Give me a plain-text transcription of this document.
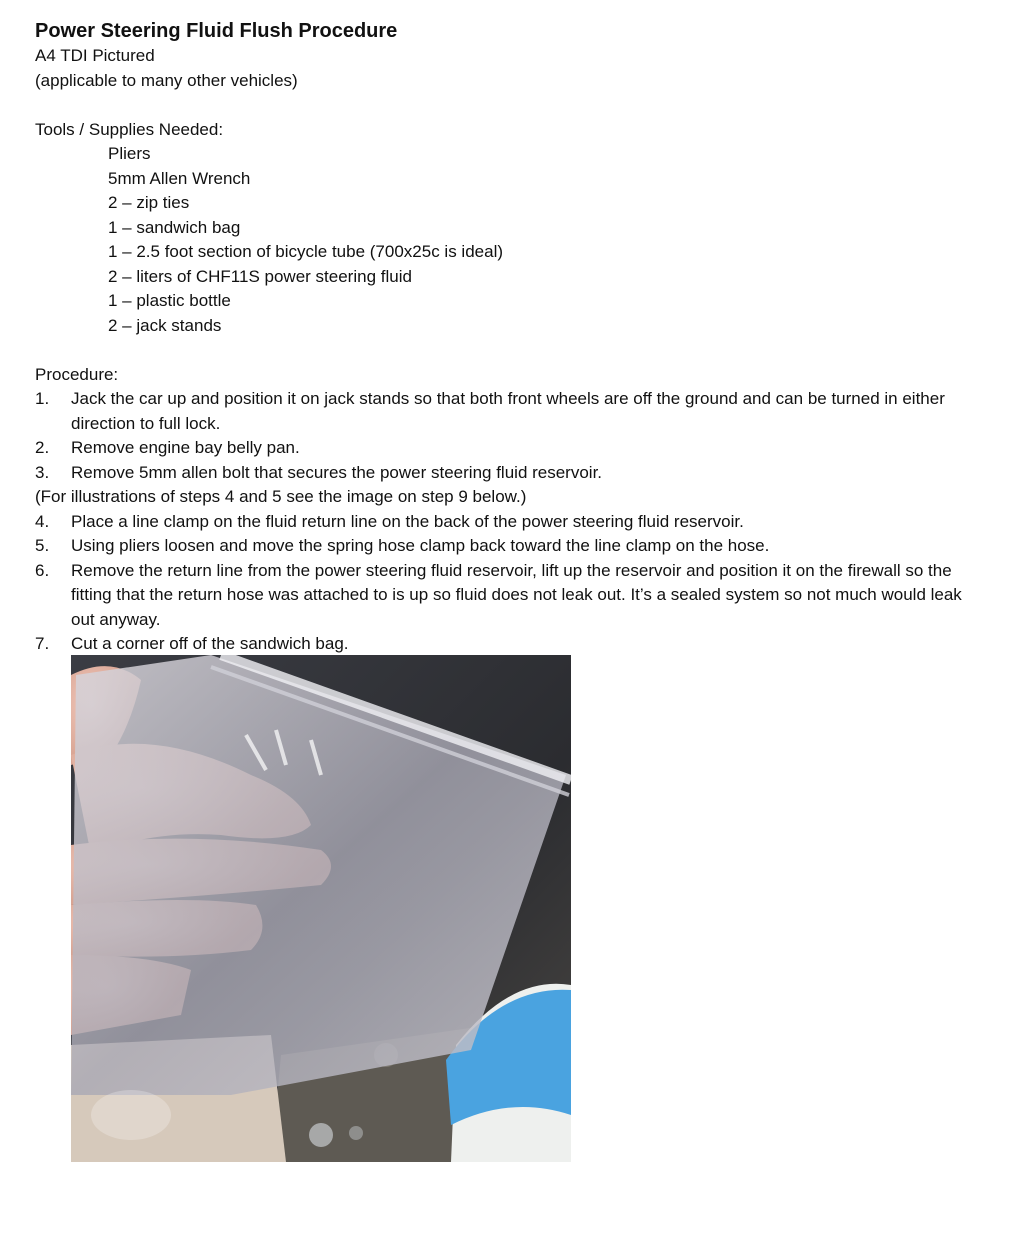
Power Steering Fluid Flush Procedure

A4 TDI Pictured

(applicable to many other vehicles)

Tools / Supplies Needed:

Pliers

5mm Allen Wrench

2 – zip ties

1 – sandwich bag

1 – 2.5 foot section of bicycle tube (700x25c is ideal)

2 – liters of CHF11S power steering fluid

1 – plastic bottle

2 – jack stands

Procedure:

1.	Jack the car up and position it on jack stands so that both front wheels are off the ground and can be turned in either direction to full lock.
2.	Remove engine bay belly pan.
3.	Remove 5mm allen bolt that secures the power steering fluid reservoir.
(For illustrations of steps 4 and 5 see the image on step 9 below.)
4.	Place a line clamp on the fluid return line on the back of the power steering fluid reservoir.
5.	Using pliers loosen and move the spring hose clamp back toward the line clamp on the hose.
6.	Remove the return line from the power steering fluid reservoir, lift up the reservoir and position it on the firewall so the fitting that the return hose was attached to is up so fluid does not leak out. It’s a sealed system so not much would leak out anyway.
7.	Cut a corner off of the sandwich bag.
